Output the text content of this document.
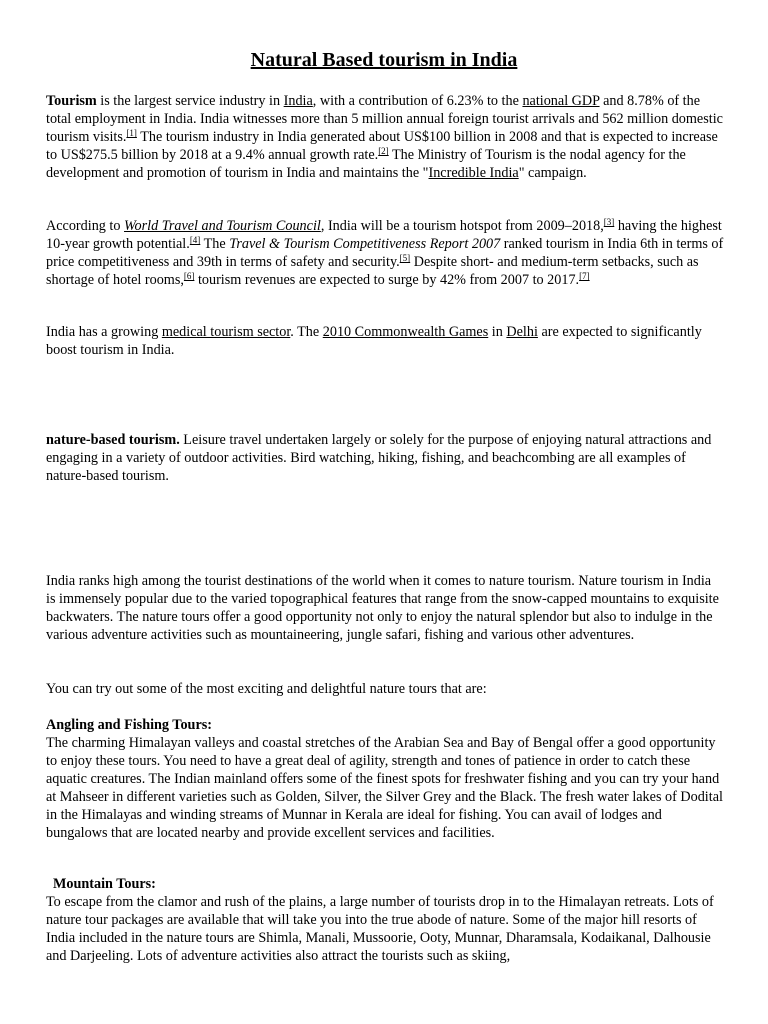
Natural Based tourism in India

Tourism is the largest service industry in India, with a contribution of 6.23% to the national GDP and 8.78% of the total employment in India. India witnesses more than 5 million annual foreign tourist arrivals and 562 million domestic tourism visits.[1] The tourism industry in India generated about US$100 billion in 2008 and that is expected to increase to US$275.5 billion by 2018 at a 9.4% annual growth rate.[2] The Ministry of Tourism is the nodal agency for the development and promotion of tourism in India and maintains the "Incredible India" campaign.

According to World Travel and Tourism Council, India will be a tourism hotspot from 2009–2018,[3] having the highest 10-year growth potential.[4] The Travel & Tourism Competitiveness Report 2007 ranked tourism in India 6th in terms of price competitiveness and 39th in terms of safety and security.[5] Despite short- and medium-term setbacks, such as shortage of hotel rooms,[6] tourism revenues are expected to surge by 42% from 2007 to 2017.[7]

India has a growing medical tourism sector. The 2010 Commonwealth Games in Delhi are expected to significantly boost tourism in India.

nature-based tourism. Leisure travel undertaken largely or solely for the purpose of enjoying natural attractions and engaging in a variety of outdoor activities. Bird watching, hiking, fishing, and beachcombing are all examples of nature-based tourism.

India ranks high among the tourist destinations of the world when it comes to nature tourism. Nature tourism in India is immensely popular due to the varied topographical features that range from the snow-capped mountains to exquisite backwaters. The nature tours offer a good opportunity not only to enjoy the natural splendor but also to indulge in the various adventure activities such as mountaineering, jungle safari, fishing and various other adventures.

You can try out some of the most exciting and delightful nature tours that are:

Angling and Fishing Tours:
The charming Himalayan valleys and coastal stretches of the Arabian Sea and Bay of Bengal offer a good opportunity to enjoy these tours. You need to have a great deal of agility, strength and tones of patience in order to catch these aquatic creatures. The Indian mainland offers some of the finest spots for freshwater fishing and you can try your hand at Mahseer in different varieties such as Golden, Silver, the Silver Grey and the Black. The fresh water lakes of Dodital in the Himalayas and winding streams of Munnar in Kerala are ideal for fishing. You can avail of lodges and bungalows that are located nearby and provide excellent services and facilities.
Mountain Tours:
To escape from the clamor and rush of the plains, a large number of tourists drop in to the Himalayan retreats. Lots of nature tour packages are available that will take you into the true abode of nature. Some of the major hill resorts of India included in the nature tours are Shimla, Manali, Mussoorie, Ooty, Munnar, Dharamsala, Kodaikanal, Dalhousie and Darjeeling. Lots of adventure activities also attract the tourists such as skiing,
